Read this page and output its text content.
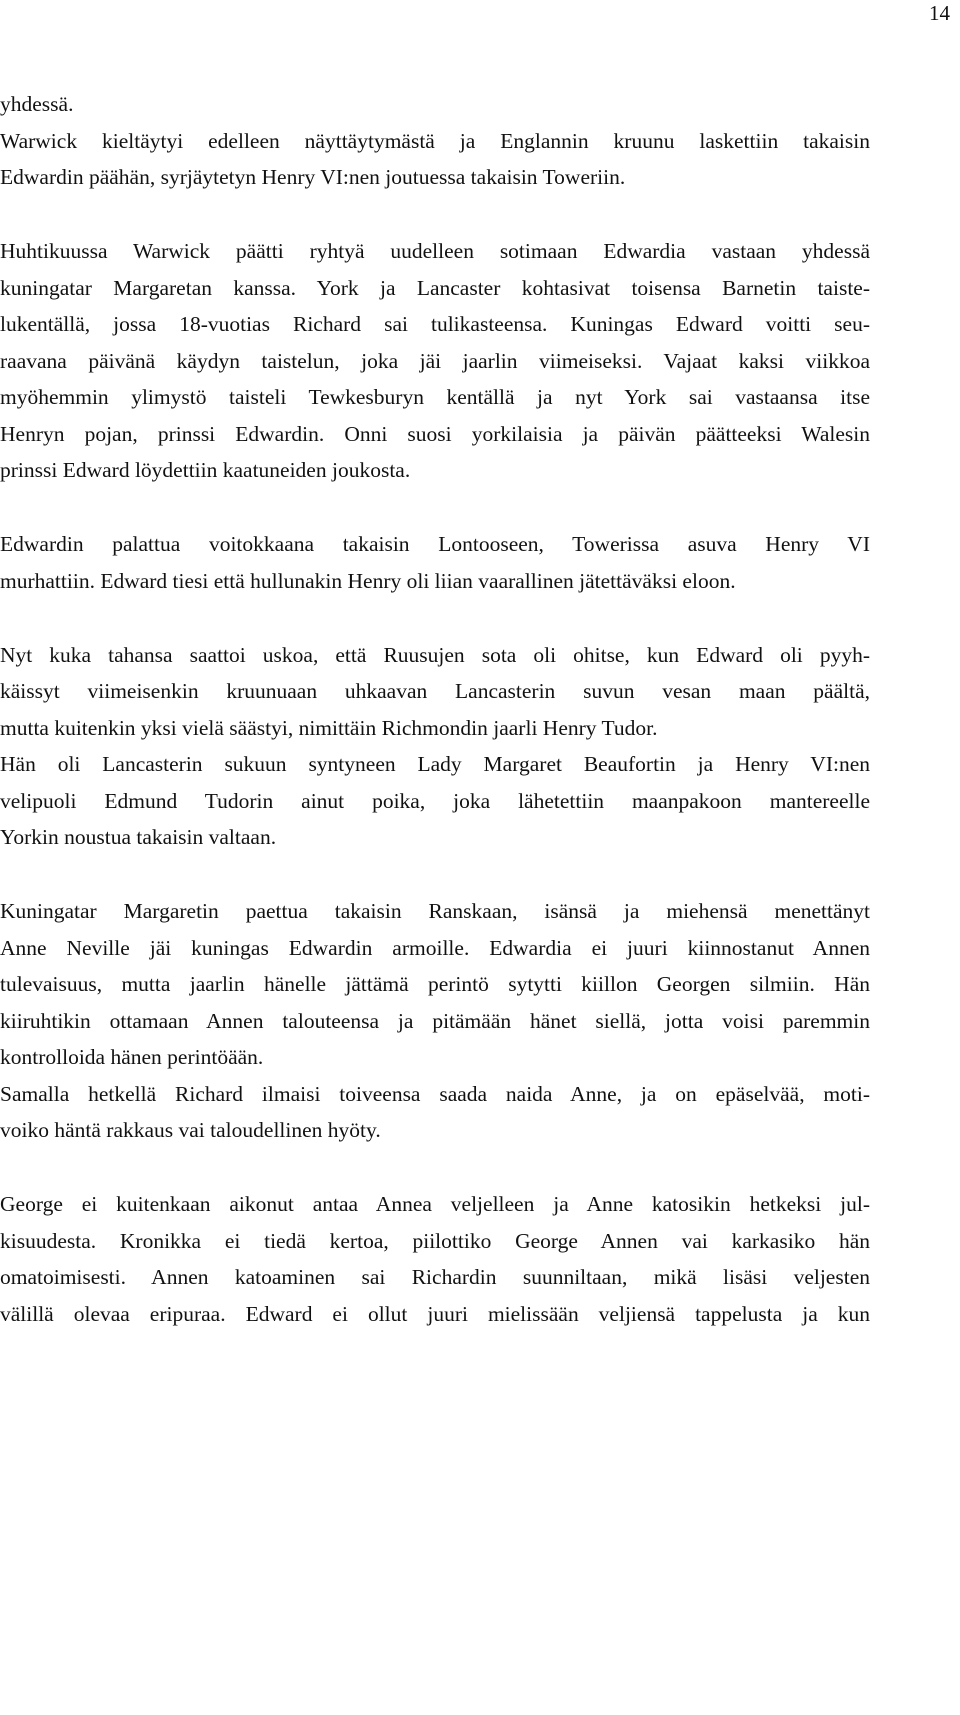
14
yhdessä.
Warwick kieltäytyi edelleen näyttäytymästä ja Englannin kruunu laskettiin takaisin
Edwardin päähän, syrjäytetyn Henry VI:nen joutuessa takaisin Toweriin.
Huhtikuussa Warwick päätti ryhtyä uudelleen sotimaan Edwardia vastaan yhdessä
kuningatar Margaretan kanssa. York ja Lancaster kohtasivat toisensa Barnetin taiste-
lukentällä, jossa 18-vuotias Richard sai tulikasteensa. Kuningas Edward voitti seu-
raavana päivänä käydyn taistelun, joka jäi jaarlin viimeiseksi. Vajaat kaksi viikkoa
myöhemmin ylimystö taisteli Tewkesburyn kentällä ja nyt York sai vastaansa itse
Henryn pojan, prinssi Edwardin. Onni suosi yorkilaisia ja päivän päätteeksi Walesin
prinssi Edward löydettiin kaatuneiden joukosta.
Edwardin palattua voitokkaana takaisin Lontooseen, Towerissa asuva Henry VI
murhattiin. Edward tiesi että hullunakin Henry oli liian vaarallinen jätettäväksi eloon.
Nyt kuka tahansa saattoi uskoa, että Ruusujen sota oli ohitse, kun Edward oli pyyh-
käissyt viimeisenkin kruunuaan uhkaavan Lancasterin suvun vesan maan päältä,
mutta kuitenkin yksi vielä säästyi, nimittäin Richmondin jaarli Henry Tudor.
Hän oli Lancasterin sukuun syntyneen Lady Margaret Beaufortin ja Henry VI:nen
velipuoli Edmund Tudorin ainut poika, joka lähetettiin maanpakoon mantereelle
Yorkin noustua takaisin valtaan.
Kuningatar Margaretin paettua takaisin Ranskaan, isänsä ja miehensä menettänyt
Anne Neville jäi kuningas Edwardin armoille. Edwardia ei juuri kiinnostanut Annen
tulevaisuus, mutta jaarlin hänelle jättämä perintö sytytti kiillon Georgen silmiin. Hän
kiiruhtikin ottamaan Annen talouteensa ja pitämään hänet siellä, jotta voisi paremmin
kontrolloida hänen perintöään.
Samalla hetkellä Richard ilmaisi toiveensa saada naida Anne, ja on epäselvää, moti-
voiko häntä rakkaus vai taloudellinen hyöty.
George ei kuitenkaan aikonut antaa Annea veljelleen ja Anne katosikin hetkeksi jul-
kisuudesta. Kronikka ei tiedä kertoa, piilottiko George Annen vai karkasiko hän
omatoimisesti. Annen katoaminen sai Richardin suunniltaan, mikä lisäsi veljesten
välillä olevaa eripuraa. Edward ei ollut juuri mielissään veljiensä tappelusta ja kun
